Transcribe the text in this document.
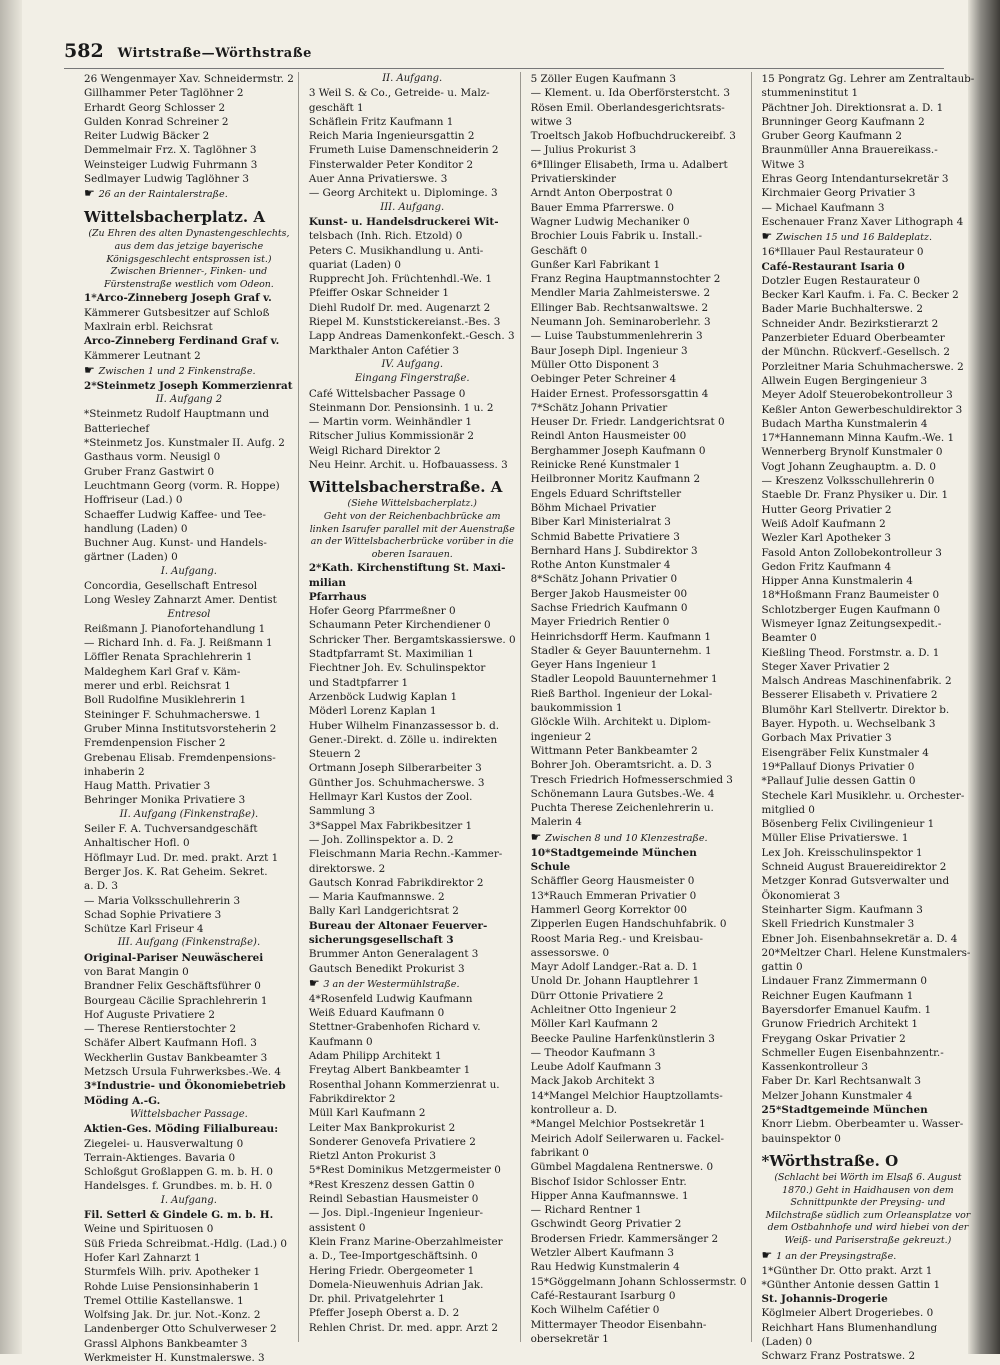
582 Wirtstraße—Wörthstraße
26 Wengenmayer Xav. Schneidermstr. 2
Gillhammer Peter Taglöhner 2
Erhardt Georg Schlosser 2
Gulden Konrad Schreiner 2
Reiter Ludwig Bäcker 2
Demmelmair Frz. X. Taglöhner 3
Weinsteiger Ludwig Fuhrmann 3
Sedlmayer Ludwig Taglöhner 3
☛ 26 an der Raintalerstraße.
Wittelsbacherplatz. A
(Zu Ehren des alten Dynastengeschlechts, aus dem das jetzige bayerische Königsgeschlecht entsprossen ist.)
Zwischen Brienner-, Finken- und Fürstenstraße westlich vom Odeon.
1*Arco-Zinneberg Joseph Graf v.
Kämmerer Gutsbesitzer auf Schloß
Maxlrain erbl. Reichsrat
Arco-Zinneberg Ferdinand Graf v.
Kämmerer Leutnant 2
☛ Zwischen 1 und 2 Finkenstraße.
2*Steinmetz Joseph Kommerzienrat
II. Aufgang 2
*Steinmetz Rudolf Hauptmann und
Batteriechef
*Steinmetz Jos. Kunstmaler II. Aufg. 2
Gasthaus vorm. Neusigl 0
Gruber Franz Gastwirt 0
Leuchtmann Georg (vorm. R. Hoppe)
Hoffriseur (Lad.) 0
Schaeffer Ludwig Kaffee- und Tee-
handlung (Laden) 0
Buchner Aug. Kunst- und Handels-
gärtner (Laden) 0
I. Aufgang.
Concordia, Gesellschaft Entresol
Long Wesley Zahnarzt Amer. Dentist
Entresol
Reißmann J. Pianofortehandlung 1
— Richard Inh. d. Fa. J. Reißmann 1
Löffler Renata Sprachlehrerin 1
Maldeghem Karl Graf v. Käm-
merer und erbl. Reichsrat 1
Boll Rudolfine Musiklehrerin 1
Steininger F. Schuhmacherswe. 1
Gruber Minna Institutsvorsteherin 2
Fremdenpension Fischer 2
Grebenau Elisab. Fremdenpensions-
inhaberin 2
Haug Matth. Privatier 3
Behringer Monika Privatiere 3
II. Aufgang (Finkenstraße).
Seiler F. A. Tuchversandgeschäft
Anhaltischer Hofl. 0
Höflmayr Lud. Dr. med. prakt. Arzt 1
Berger Jos. K. Rat Geheim. Sekret.
a. D. 3
— Maria Volksschullehrerin 3
Schad Sophie Privatiere 3
Schütze Karl Friseur 4
III. Aufgang (Finkenstraße).
Original-Pariser Neuwäscherei
von Barat Mangin 0
Brandner Felix Geschäftsführer 0
Bourgeau Cäcilie Sprachlehrerin 1
Hof Auguste Privatiere 2
— Therese Rentierstochter 2
Schäfer Albert Kaufmann Hofl. 3
Weckherlin Gustav Bankbeamter 3
Metzsch Ursula Fuhrwerksbes.-We. 4
3*Industrie- und Ökonomiebetrieb
Möding A.-G.
Wittelsbacher Passage.
Aktien-Ges. Möding Filialbureau:
Ziegelei- u. Hausverwaltung 0
Terrain-Aktienges. Bavaria 0
Schloßgut Großlappen G. m. b. H. 0
Handelsges. f. Grundbes. m. b. H. 0
I. Aufgang.
Fil. Setterl & Gindele G. m. b. H.
Weine und Spirituosen 0
Süß Frieda Schreibmat.-Hdlg. (Lad.) 0
Hofer Karl Zahnarzt 1
Sturmfels Wilh. priv. Apotheker 1
Rohde Luise Pensionsinhaberin 1
Tremel Ottilie Kastellanswe. 1
Wolfsing Jak. Dr. jur. Not.-Konz. 2
Landenberger Otto Schulverweser 2
Grassl Alphons Bankbeamter 3
Werkmeister H. Kunstmalerswe. 3
II. Aufgang.
3 Weil S. & Co., Getreide- u. Malz-
geschäft 1
Schäflein Fritz Kaufmann 1
Reich Maria Ingenieursgattin 2
Frumeth Luise Damenschneiderin 2
Finsterwalder Peter Konditor 2
Auer Anna Privatierswe. 3
— Georg Architekt u. Diplominge. 3
III. Aufgang.
Kunst- u. Handelsdruckerei Wit-
telsbach (Inh. Rich. Etzold) 0
Peters C. Musikhandlung u. Anti-
quariat (Laden) 0
Rupprecht Joh. Früchtenhdl.-We. 1
Pfeiffer Oskar Schneider 1
Diehl Rudolf Dr. med. Augenarzt 2
Riepel M. Kunststickereianst.-Bes. 3
Lapp Andreas Damenkonfekt.-Gesch. 3
Markthaler Anton Cafétier 3
IV. Aufgang.
Eingang Fingerstraße.
Café Wittelsbacher Passage 0
Steinmann Dor. Pensionsinh. 1 u. 2
— Martin vorm. Weinhändler 1
Ritscher Julius Kommissionär 2
Weigl Richard Direktor 2
Neu Heinr. Archit. u. Hofbauassess. 3
Wittelsbacherstraße. A
(Siehe Wittelsbacherplatz.)
Geht von der Reichenbachbrücke am linken Isarufer parallel mit der Auenstraße an der Wittelsbacherbrücke vorüber in die oberen Isarauen.
2*Kath. Kirchenstiftung St. Maxi-
milian
Pfarrhaus
Hofer Georg Pfarrmeßner 0
Schaumann Peter Kirchendiener 0
Schricker Ther. Bergamtskassierswe. 0
Stadtpfarramt St. Maximilian 1
Fiechtner Joh. Ev. Schulinspektor
und Stadtpfarrer 1
Arzenböck Ludwig Kaplan 1
Möderl Lorenz Kaplan 1
Huber Wilhelm Finanzassessor b. d.
Gener.-Direkt. d. Zölle u. indirekten
Steuern 2
Ortmann Joseph Silberarbeiter 3
Günther Jos. Schuhmacherswe. 3
Hellmayr Karl Kustos der Zool.
Sammlung 3
3*Sappel Max Fabrikbesitzer 1
— Joh. Zollinspektor a. D. 2
Fleischmann Maria Rechn.-Kammer-
direktorswe. 2
Gautsch Konrad Fabrikdirektor 2
— Maria Kaufmannswe. 2
Bally Karl Landgerichtsrat 2
Bureau der Altonaer Feuerver-
sicherungsgesellschaft 3
Brummer Anton Generalagent 3
Gautsch Benedikt Prokurist 3
☛ 3 an der Westermühlstraße.
4*Rosenfeld Ludwig Kaufmann
Weiß Eduard Kaufmann 0
Stettner-Grabenhofen Richard v.
Kaufmann 0
Adam Philipp Architekt 1
Freytag Albert Bankbeamter 1
Rosenthal Johann Kommerzienrat u.
Fabrikdirektor 2
Müll Karl Kaufmann 2
Leiter Max Bankprokurist 2
Sonderer Genovefa Privatiere 2
Rietzl Anton Prokurist 3
5*Rest Dominikus Metzgermeister 0
*Rest Kreszenz dessen Gattin 0
Reindl Sebastian Hausmeister 0
— Jos. Dipl.-Ingenieur Ingenieur-
assistent 0
Klein Franz Marine-Oberzahlmeister
a. D., Tee-Importgeschäftsinh. 0
Hering Friedr. Obergeometer 1
Domela-Nieuwenhuis Adrian Jak.
Dr. phil. Privatgelehrter 1
Pfeffer Joseph Oberst a. D. 2
Rehlen Christ. Dr. med. appr. Arzt 2
5 Zöller Eugen Kaufmann 3
— Klement. u. Ida Oberförsterstcht. 3
Rösen Emil. Oberlandesgerichtsrats-
witwe 3
Troeltsch Jakob Hofbuchdruckereibf. 3
— Julius Prokurist 3
6*Illinger Elisabeth, Irma u. Adalbert
Privatierskinder
Arndt Anton Oberpostrat 0
Bauer Emma Pfarrerswe. 0
Wagner Ludwig Mechaniker 0
Brochier Louis Fabrik u. Install.-
Geschäft 0
Gunßer Karl Fabrikant 1
Franz Regina Hauptmannstochter 2
Mendler Maria Zahlmeisterswe. 2
Ellinger Bab. Rechtsanwaltswe. 2
Neumann Joh. Seminaroberlehr. 3
— Luise Taubstummenlehrerin 3
Baur Joseph Dipl. Ingenieur 3
Müller Otto Disponent 3
Oebinger Peter Schreiner 4
Haider Ernest. Professorsgattin 4
7*Schätz Johann Privatier
Heuser Dr. Friedr. Landgerichtsrat 0
Reindl Anton Hausmeister 00
Berghammer Joseph Kaufmann 0
Reinicke René Kunstmaler 1
Heilbronner Moritz Kaufmann 2
Engels Eduard Schriftsteller
Böhm Michael Privatier
Biber Karl Ministerialrat 3
Schmid Babette Privatiere 3
Bernhard Hans J. Subdirektor 3
Rothe Anton Kunstmaler 4
8*Schätz Johann Privatier 0
Berger Jakob Hausmeister 00
Sachse Friedrich Kaufmann 0
Mayer Friedrich Rentier 0
Heinrichsdorff Herm. Kaufmann 1
Stadler & Geyer Bauunternehm. 1
Geyer Hans Ingenieur 1
Stadler Leopold Bauunternehmer 1
Rieß Barthol. Ingenieur der Lokal-
baukommission 1
Glöckle Wilh. Architekt u. Diplom-
ingenieur 2
Wittmann Peter Bankbeamter 2
Bohrer Joh. Oberamtsricht. a. D. 3
Tresch Friedrich Hofmesserschmied 3
Schönemann Laura Gutsbes.-We. 4
Puchta Therese Zeichenlehrerin u.
Malerin 4
☛ Zwischen 8 und 10 Klenzestraße.
10*Stadtgemeinde München
Schule
Schäffler Georg Hausmeister 0
13*Rauch Emmeran Privatier 0
Hammerl Georg Korrektor 00
Zipperlen Eugen Handschuhfabrik. 0
Roost Maria Reg.- und Kreisbau-
assessorswe. 0
Mayr Adolf Landger.-Rat a. D. 1
Unold Dr. Johann Hauptlehrer 1
Dürr Ottonie Privatiere 2
Achleitner Otto Ingenieur 2
Möller Karl Kaufmann 2
Beecke Pauline Harfenkünstlerin 3
— Theodor Kaufmann 3
Leube Adolf Kaufmann 3
Mack Jakob Architekt 3
14*Mangel Melchior Hauptzollamts-
kontrolleur a. D.
*Mangel Melchior Postsekretär 1
Meirich Adolf Seilerwaren u. Fackel-
fabrikant 0
Gümbel Magdalena Rentnerswe. 0
Bischof Isidor Schlosser Entr.
Hipper Anna Kaufmannswe. 1
— Richard Rentner 1
Gschwindt Georg Privatier 2
Brodersen Friedr. Kammersänger 2
Wetzler Albert Kaufmann 3
Rau Hedwig Kunstmalerin 4
15*Göggelmann Johann Schlossermstr. 0
Café-Restaurant Isarburg 0
Koch Wilhelm Cafétier 0
Mittermayer Theodor Eisenbahn-
obersekretär 1
15 Pongratz Gg. Lehrer am Zentraltaub-
stummeninstitut 1
Pächtner Joh. Direktionsrat a. D. 1
Brunninger Georg Kaufmann 2
Gruber Georg Kaufmann 2
Braunmüller Anna Brauereikass.-
Witwe 3
Ehras Georg Intendantursekretär 3
Kirchmaier Georg Privatier 3
— Michael Kaufmann 3
Eschenauer Franz Xaver Lithograph 4
☛ Zwischen 15 und 16 Baldeplatz.
16*Illauer Paul Restaurateur 0
Café-Restaurant Isaria 0
Dotzler Eugen Restaurateur 0
Becker Karl Kaufm. i. Fa. C. Becker 2
Bader Marie Buchhalterswe. 2
Schneider Andr. Bezirkstierarzt 2
Panzerbieter Eduard Oberbeamter
der Münchn. Rückverf.-Gesellsch. 2
Porzleitner Maria Schuhmacherswe. 2
Allwein Eugen Bergingenieur 3
Meyer Adolf Steuerobekontrolleur 3
Keßler Anton Gewerbeschuldirektor 3
Budach Martha Kunstmalerin 4
17*Hannemann Minna Kaufm.-We. 1
Wennerberg Brynolf Kunstmaler 0
Vogt Johann Zeughauptm. a. D. 0
— Kreszenz Volksschullehrerin 0
Staeble Dr. Franz Physiker u. Dir. 1
Hutter Georg Privatier 2
Weiß Adolf Kaufmann 2
Wezler Karl Apotheker 3
Fasold Anton Zollobekontrolleur 3
Gedon Fritz Kaufmann 4
Hipper Anna Kunstmalerin 4
18*Hoßmann Franz Baumeister 0
Schlotzberger Eugen Kaufmann 0
Wismeyer Ignaz Zeitungsexpedit.-
Beamter 0
Kießling Theod. Forstmstr. a. D. 1
Steger Xaver Privatier 2
Malsch Andreas Maschinenfabrik. 2
Besserer Elisabeth v. Privatiere 2
Blumöhr Karl Stellvertr. Direktor b.
Bayer. Hypoth. u. Wechselbank 3
Gorbach Max Privatier 3
Eisengräber Felix Kunstmaler 4
19*Pallauf Dionys Privatier 0
*Pallauf Julie dessen Gattin 0
Stechele Karl Musiklehr. u. Orchester-
mitglied 0
Bösenberg Felix Civilingenieur 1
Müller Elise Privatierswe. 1
Lex Joh. Kreisschulinspektor 1
Schneid August Brauereidirektor 2
Metzger Konrad Gutsverwalter und
Ökonomierat 3
Steinharter Sigm. Kaufmann 3
Skell Friedrich Kunstmaler 3
Ebner Joh. Eisenbahnsekretär a. D. 4
20*Meltzer Charl. Helene Kunstmalers-
gattin 0
Lindauer Franz Zimmermann 0
Reichner Eugen Kaufmann 1
Bayersdorfer Emanuel Kaufm. 1
Grunow Friedrich Architekt 1
Freygang Oskar Privatier 2
Schmeller Eugen Eisenbahnzentr.-
Kassenkontrolleur 3
Faber Dr. Karl Rechtsanwalt 3
Melzer Johann Kunstmaler 4
25*Stadtgemeinde München
Knorr Liebm. Oberbeamter u. Wasser-
bauinspektor 0
*Wörthstraße. O
(Schlacht bei Wörth im Elsaß 6. August 1870.) Geht in Haidhausen von dem Schnittpunkte der Preysing- und Milchstraße südlich zum Orleansplatze vor dem Ostbahnhofe und wird hiebei von der Weiß- und Pariserstraße gekreuzt.)
☛ 1 an der Preysingstraße.
1*Günther Dr. Otto prakt. Arzt 1
*Günther Antonie dessen Gattin 1
St. Johannis-Drogerie
Köglmeier Albert Drogeriebes. 0
Reichhart Hans Blumenhandlung
(Laden) 0
Schwarz Franz Postratswe. 2
